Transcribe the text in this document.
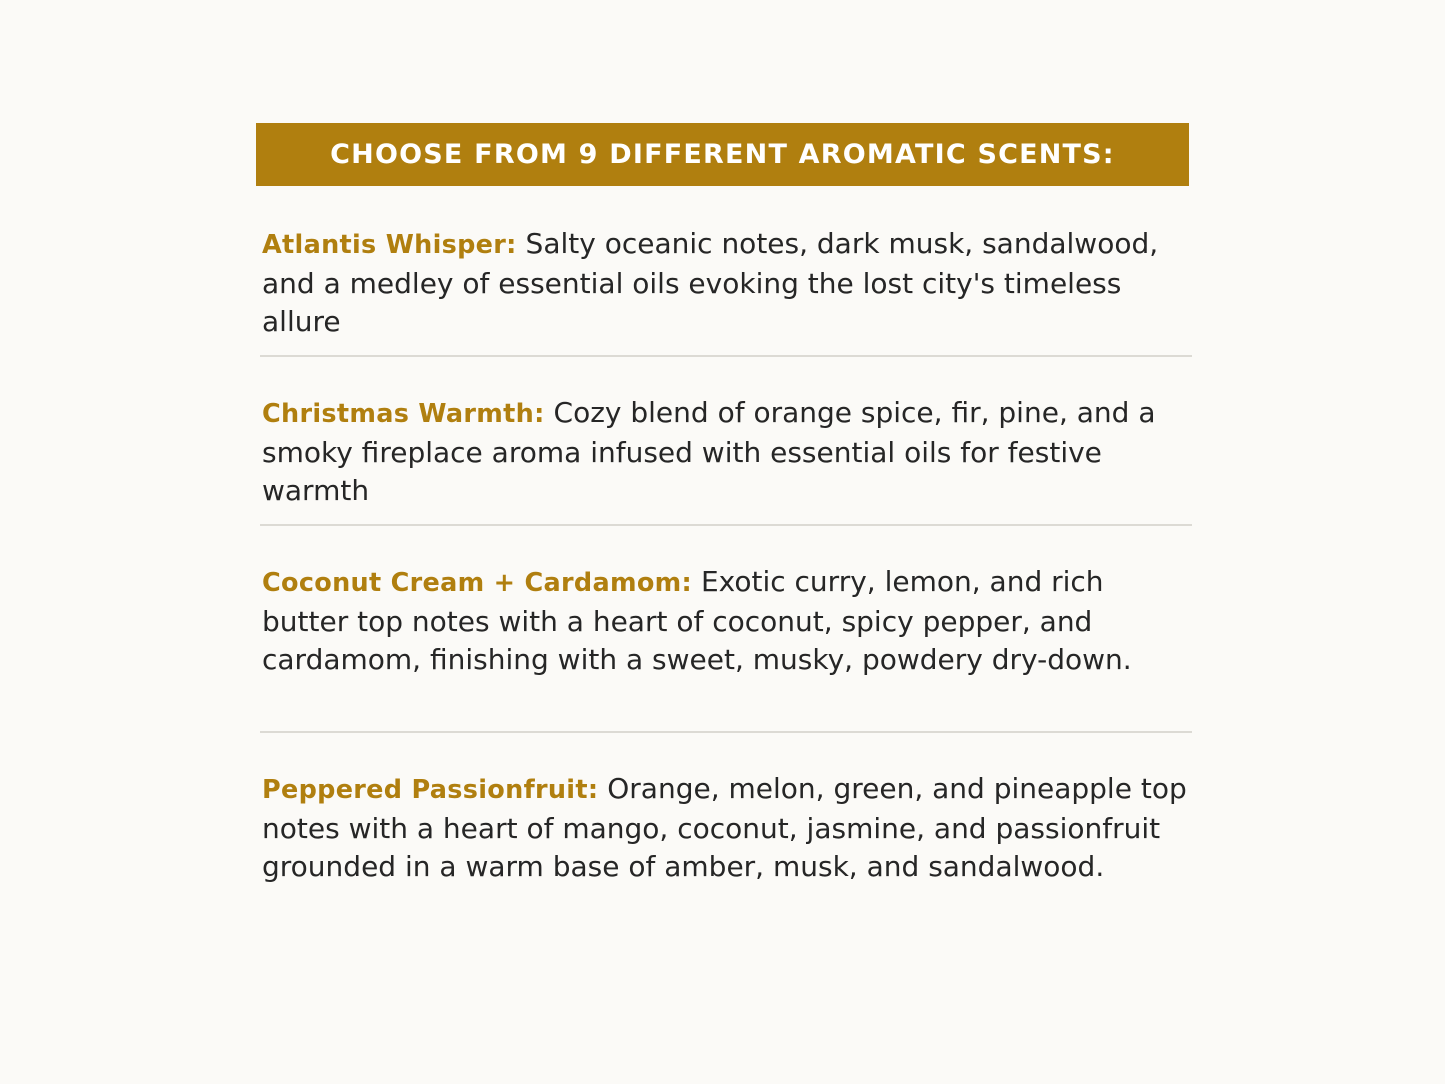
CHOOSE FROM 9 DIFFERENT AROMATIC SCENTS:
Atlantis Whisper: Salty oceanic notes, dark musk, sandalwood, and a medley of essential oils evoking the lost city's timeless allure
Christmas Warmth: Cozy blend of orange spice, fir, pine, and a smoky fireplace aroma infused with essential oils for festive warmth
Coconut Cream + Cardamom: Exotic curry, lemon, and rich butter top notes with a heart of coconut, spicy pepper, and cardamom, finishing with a sweet, musky, powdery dry-down.
Peppered Passionfruit: Orange, melon, green, and pineapple top notes with a heart of mango, coconut, jasmine, and passionfruit grounded in a warm base of amber, musk, and sandalwood.
